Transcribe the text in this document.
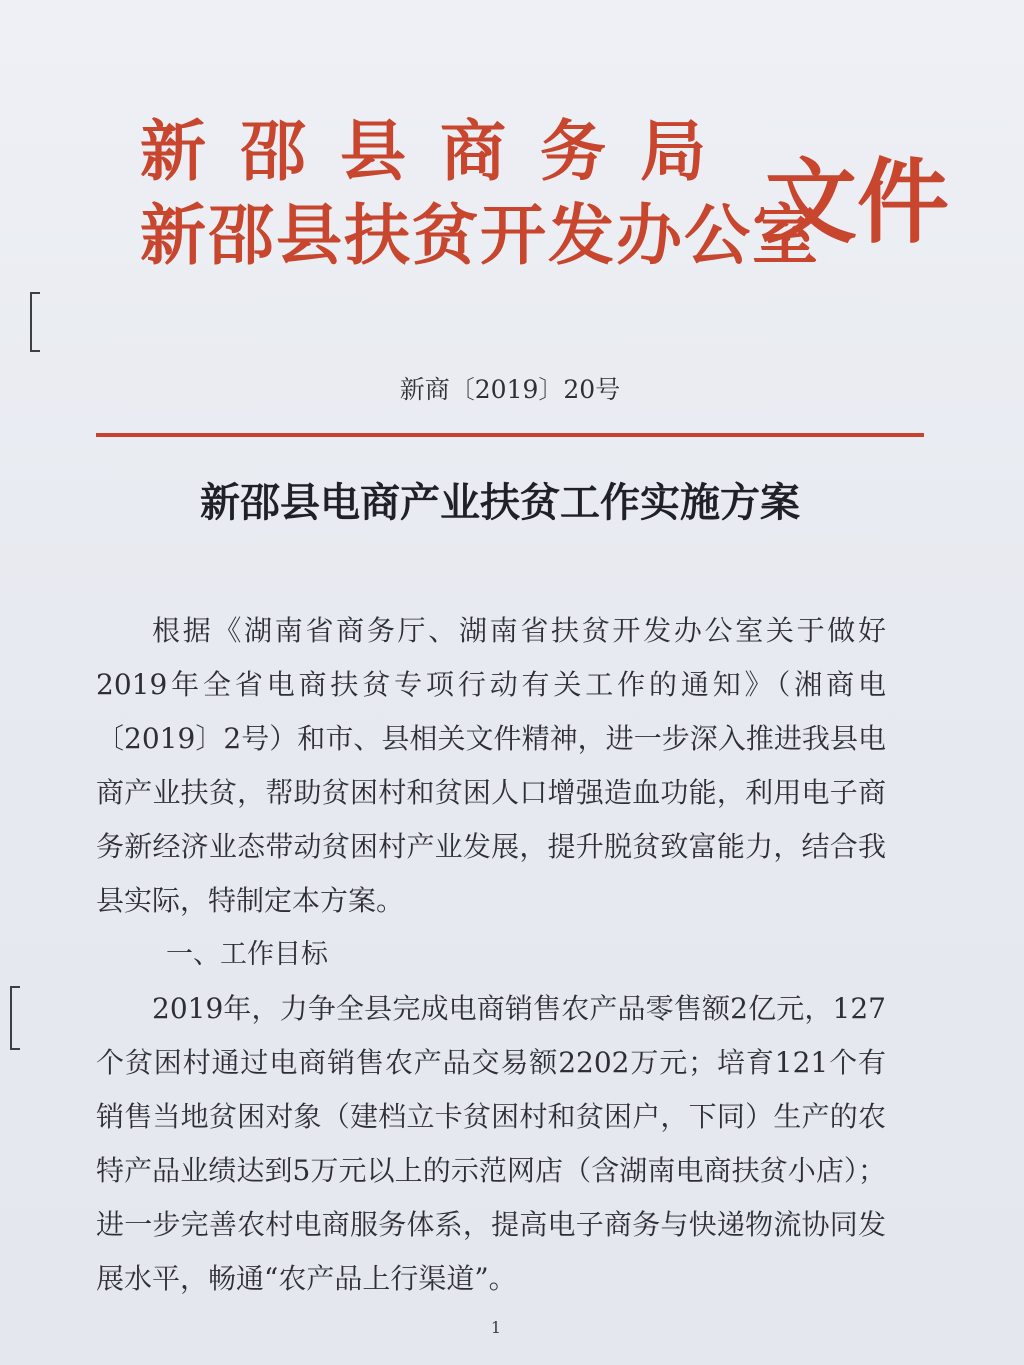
新邵县商务局
新邵县扶贫开发办公室
文件
新商〔2019〕20号
新邵县电商产业扶贫工作实施方案

根据《湖南省商务厅、湖南省扶贫开发办公室关于做好2019年全省电商扶贫专项行动有关工作的通知》（湘商电〔2019〕2号）和市、县相关文件精神，进一步深入推进我县电商产业扶贫，帮助贫困村和贫困人口增强造血功能，利用电子商务新经济业态带动贫困村产业发展，提升脱贫致富能力，结合我县实际，特制定本方案。

一、工作目标

2019年，力争全县完成电商销售农产品零售额2亿元，127个贫困村通过电商销售农产品交易额2202万元；培育121个有销售当地贫困对象（建档立卡贫困村和贫困户，下同）生产的农特产品业绩达到5万元以上的示范网店（含湖南电商扶贫小店）；进一步完善农村电商服务体系，提高电子商务与快递物流协同发展水平，畅通“农产品上行渠道”。

1
